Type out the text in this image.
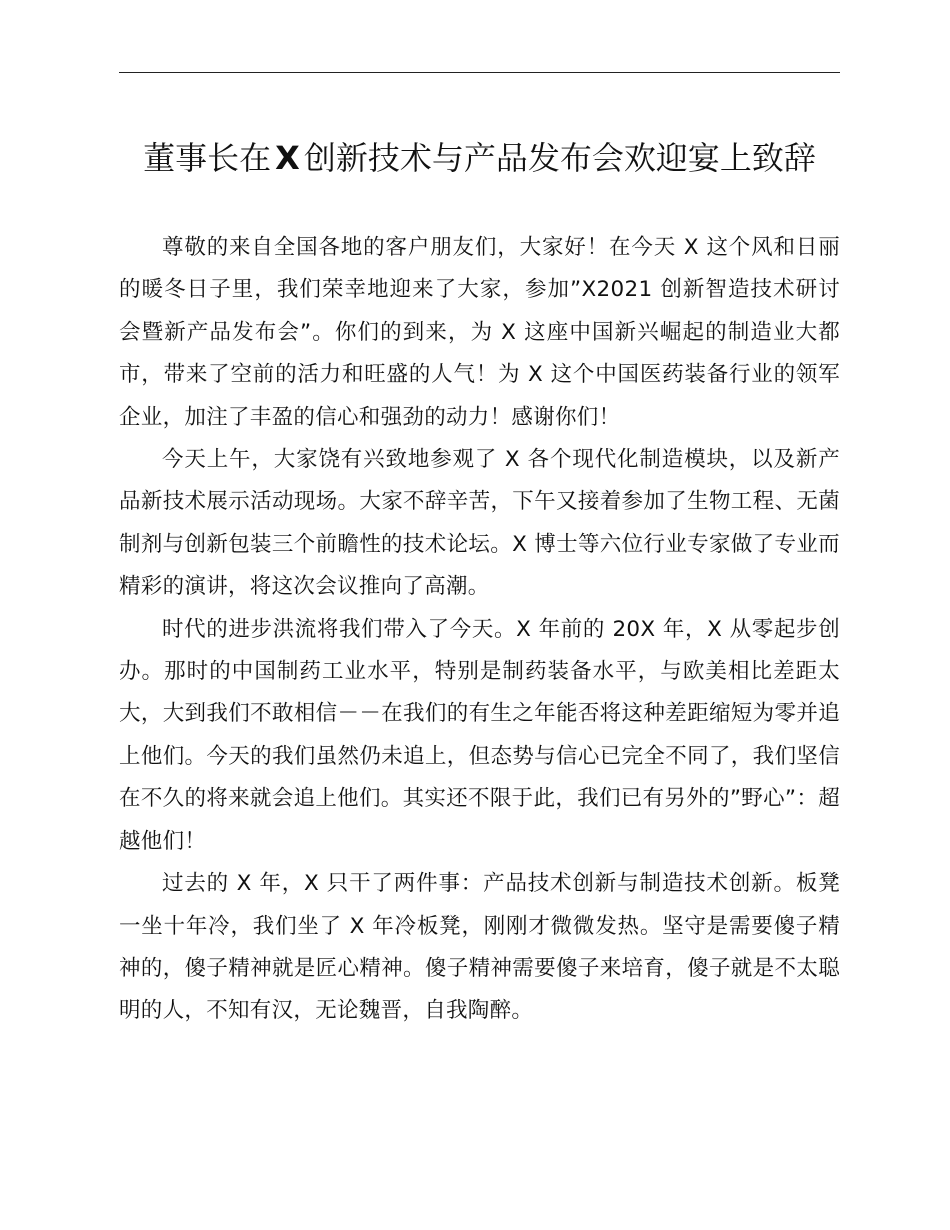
董事长在 X 创新技术与产品发布会欢迎宴上致辞

尊敬的来自全国各地的客户朋友们，大家好！在今天 X 这个风和日丽的暖冬日子里，我们荣幸地迎来了大家，参加”X2021 创新智造技术研讨会暨新产品发布会”。你们的到来，为 X 这座中国新兴崛起的制造业大都市，带来了空前的活力和旺盛的人气！为 X 这个中国医药装备行业的领军企业，加注了丰盈的信心和强劲的动力！感谢你们！

今天上午，大家饶有兴致地参观了 X 各个现代化制造模块，以及新产品新技术展示活动现场。大家不辞辛苦，下午又接着参加了生物工程、无菌制剂与创新包装三个前瞻性的技术论坛。X 博士等六位行业专家做了专业而精彩的演讲，将这次会议推向了高潮。

时代的进步洪流将我们带入了今天。X 年前的 20X 年，X 从零起步创办。那时的中国制药工业水平，特别是制药装备水平，与欧美相比差距太大，大到我们不敢相信－－在我们的有生之年能否将这种差距缩短为零并追上他们。今天的我们虽然仍未追上，但态势与信心已完全不同了，我们坚信在不久的将来就会追上他们。其实还不限于此，我们已有另外的”野心”：超越他们！

过去的 X 年，X 只干了两件事：产品技术创新与制造技术创新。板凳一坐十年冷，我们坐了 X 年冷板凳，刚刚才微微发热。坚守是需要傻子精神的，傻子精神就是匠心精神。傻子精神需要傻子来培育，傻子就是不太聪明的人，不知有汉，无论魏晋，自我陶醉。
